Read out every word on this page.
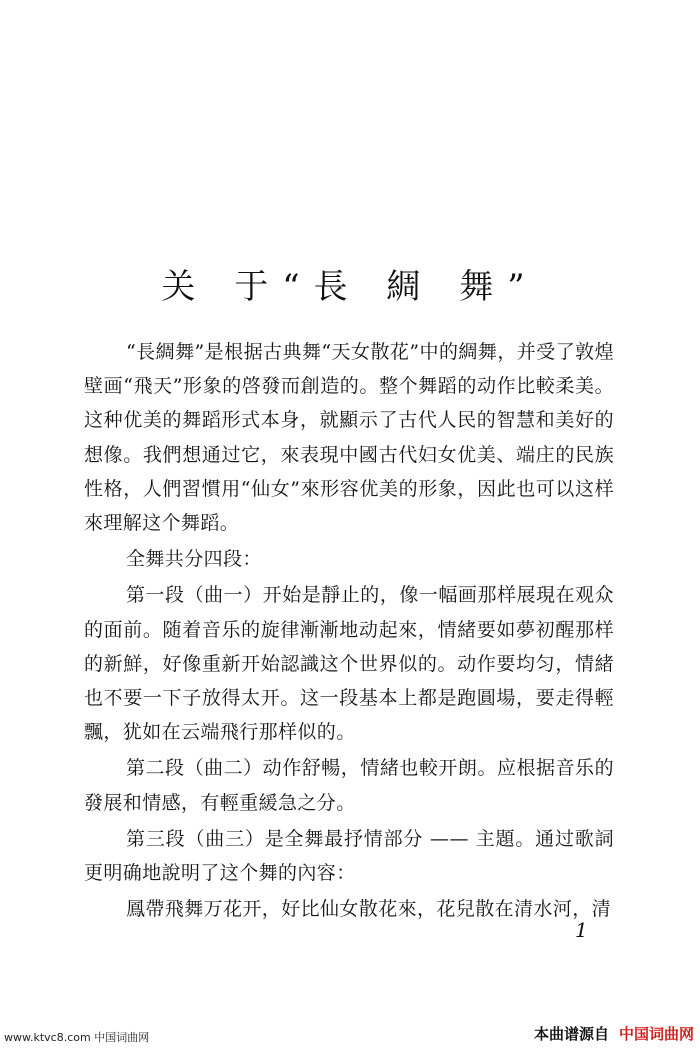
关 于“長 綢 舞”

“長綢舞”是根据古典舞“天女散花”中的綢舞，并受了敦煌壁画“飛天”形象的啓發而創造的。整个舞蹈的动作比較柔美。这种优美的舞蹈形式本身，就顯示了古代人民的智慧和美好的想像。我們想通过它，來表現中國古代妇女优美、端庄的民族性格，人們習慣用“仙女”來形容优美的形象，因此也可以这样來理解这个舞蹈。

全舞共分四段：

第一段（曲一）开始是靜止的，像一幅画那样展現在观众的面前。随着音乐的旋律漸漸地动起來，情緒要如夢初醒那样的新鮮，好像重新开始認識这个世界似的。动作要均匀，情緒也不要一下子放得太开。这一段基本上都是跑圓場，要走得輕飄，犹如在云端飛行那样似的。

第二段（曲二）动作舒暢，情緒也較开朗。应根据音乐的發展和情感，有輕重緩急之分。

第三段（曲三）是全舞最抒情部分 —— 主題。通过歌詞更明确地說明了这个舞的內容：

鳳帶飛舞万花开，好比仙女散花來，花兒散在清水河，清

1
www.ktvc8.com 中国词曲网	本曲谱源自 中国词曲网
